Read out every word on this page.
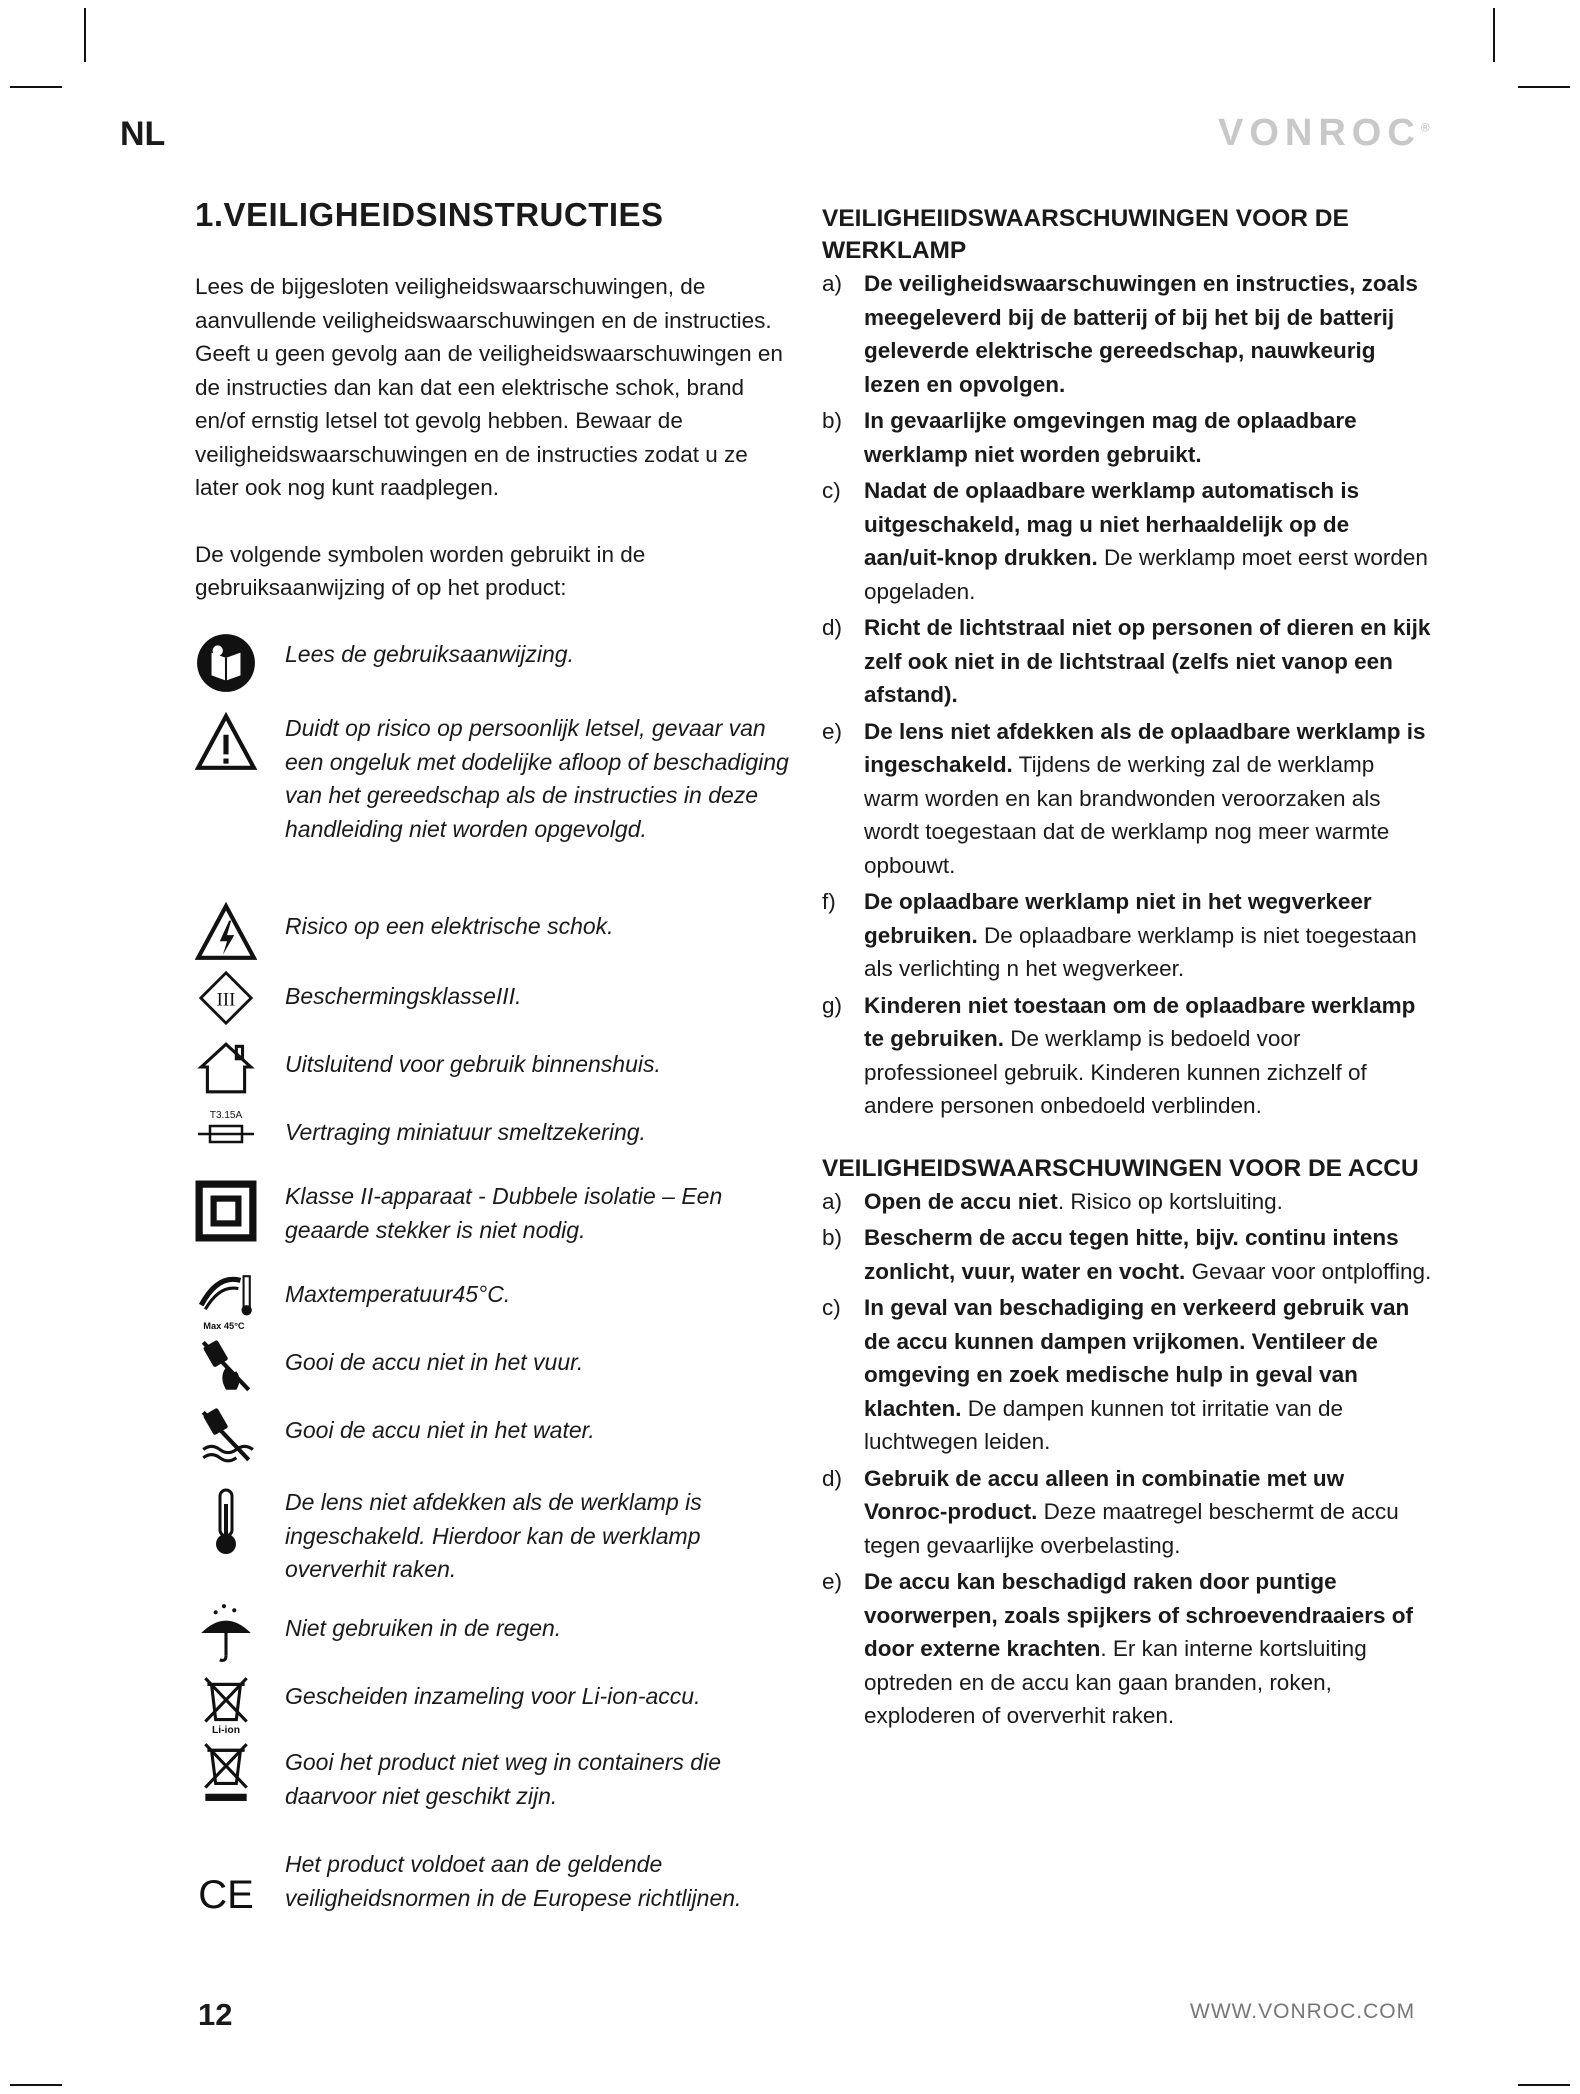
NL	VONROC®
1.VEILIGHEIDSINSTRUCTIES

Lees de bijgesloten veiligheidswaarschuwingen, de aanvullende veiligheidswaarschuwingen en de instructies. Geeft u geen gevolg aan de veiligheidswaarschuwingen en de instructies dan kan dat een elektrische schok, brand en/of ernstig letsel tot gevolg hebben. Bewaar de veiligheidswaarschuwingen en de instructies zodat u ze later ook nog kunt raadplegen.

De volgende symbolen worden gebruikt in de gebruiksaanwijzing of op het product:

Lees de gebruiksaanwijzing.
Duidt op risico op persoonlijk letsel, gevaar van een ongeluk met dodelijke afloop of beschadiging van het gereedschap als de instructies in deze handleiding niet worden opgevolgd.
Risico op een elektrische schok.
III BeschermingsklasseIII.
Uitsluitend voor gebruik binnenshuis.
T3.15A
Vertraging miniatuur smeltzekering.
Klasse II-apparaat - Dubbele isolatie – Een geaarde stekker is niet nodig.
Max 45°C
Maxtemperatuur45°C.
Gooi de accu niet in het vuur.
Gooi de accu niet in het water.
De lens niet afdekken als de werklamp is ingeschakeld. Hierdoor kan de werklamp oververhit raken.
Niet gebruiken in de regen.
Li-ion
Gescheiden inzameling voor Li-ion-accu.
Gooi het product niet weg in containers die daarvoor niet geschikt zijn.
CE
Het product voldoet aan de geldende veiligheidsnormen in de Europese richtlijnen.
VEILIGHEIIDSWAARSCHUWINGEN VOOR DE WERKLAMP
a) De veiligheidswaarschuwingen en instructies, zoals meegeleverd bij de batterij of bij het bij de batterij geleverde elektrische gereedschap, nauwkeurig lezen en opvolgen.
b) In gevaarlijke omgevingen mag de oplaadbare werklamp niet worden gebruikt.
c) Nadat de oplaadbare werklamp automatisch is uitgeschakeld, mag u niet herhaaldelijk op de aan/uit-knop drukken. De werklamp moet eerst worden opgeladen.
d) Richt de lichtstraal niet op personen of dieren en kijk zelf ook niet in de lichtstraal (zelfs niet vanop een afstand).
e) De lens niet afdekken als de oplaadbare werklamp is ingeschakeld. Tijdens de werking zal de werklamp warm worden en kan brandwonden veroorzaken als wordt toegestaan dat de werklamp nog meer warmte opbouwt.
f) De oplaadbare werklamp niet in het wegverkeer gebruiken. De oplaadbare werklamp is niet toegestaan als verlichting n het wegverkeer.
g) Kinderen niet toestaan om de oplaadbare werklamp te gebruiken. De werklamp is bedoeld voor professioneel gebruik. Kinderen kunnen zichzelf of andere personen onbedoeld verblinden.
VEILIGHEIDSWAARSCHUWINGEN VOOR DE ACCU
a) Open de accu niet. Risico op kortsluiting.
b) Bescherm de accu tegen hitte, bijv. continu intens zonlicht, vuur, water en vocht. Gevaar voor ontploffing.
c) In geval van beschadiging en verkeerd gebruik van de accu kunnen dampen vrijkomen. Ventileer de omgeving en zoek medische hulp in geval van klachten. De dampen kunnen tot irritatie van de luchtwegen leiden.
d) Gebruik de accu alleen in combinatie met uw Vonroc-product. Deze maatregel beschermt de accu tegen gevaarlijke overbelasting.
e) De accu kan beschadigd raken door puntige voorwerpen, zoals spijkers of schroevendraaiers of door externe krachten. Er kan interne kortsluiting optreden en de accu kan gaan branden, roken, exploderen of oververhit raken.
12	WWW.VONROC.COM
